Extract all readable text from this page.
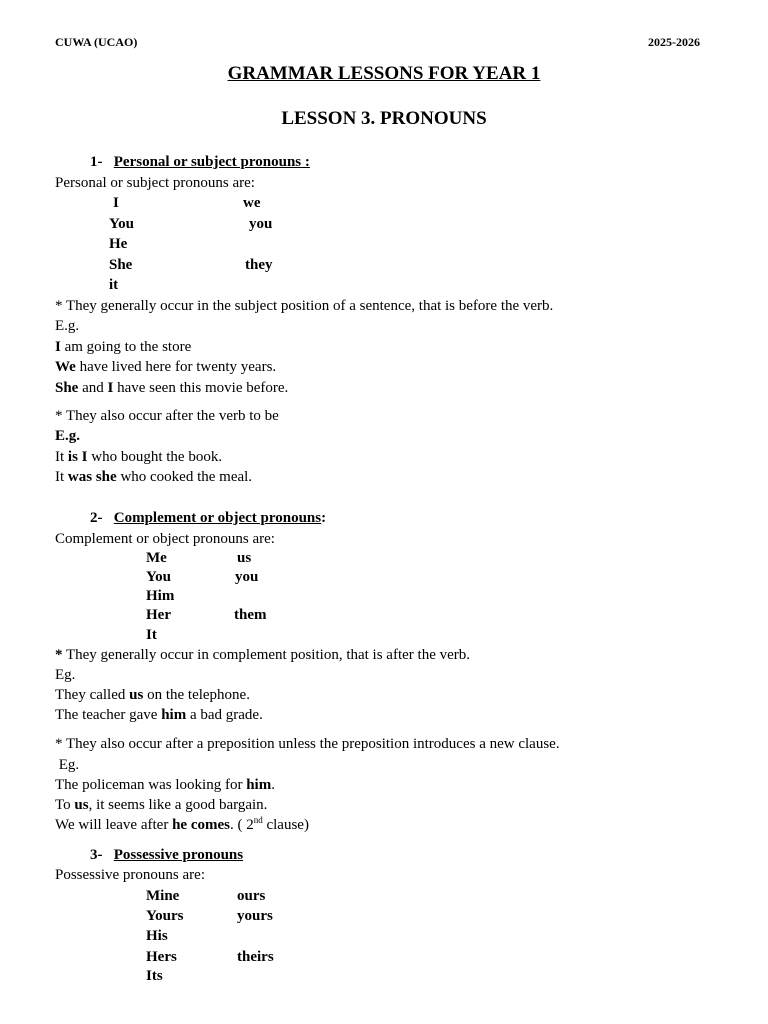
CUWA (UCAO)	2025-2026
GRAMMAR LESSONS FOR YEAR 1
LESSON 3. PRONOUNS
1- Personal or subject pronouns :
Personal or subject pronouns are:
I	we
You	you
He
She	they
it
* They generally occur in the subject position of a sentence, that is before the verb.
E.g.
I am going to the store
We have lived here for twenty years.
She and I have seen this movie before.
* They also occur after the verb to be
E.g.
It is I who bought the book.
It was she who cooked the meal.
2- Complement or object pronouns:
Complement or object pronouns are:
Me	us
You	you
Him
Her	them
It
* They generally occur in complement position, that is after the verb.
Eg.
They called us on the telephone.
The teacher gave him a bad grade.
* They also occur after a preposition unless the preposition introduces a new clause.
Eg.
The policeman was looking for him.
To us, it seems like a good bargain.
We will leave after he comes. ( 2nd clause)
3- Possessive pronouns
Possessive pronouns are:
Mine	ours
Yours	yours
His
Hers	theirs
Its
